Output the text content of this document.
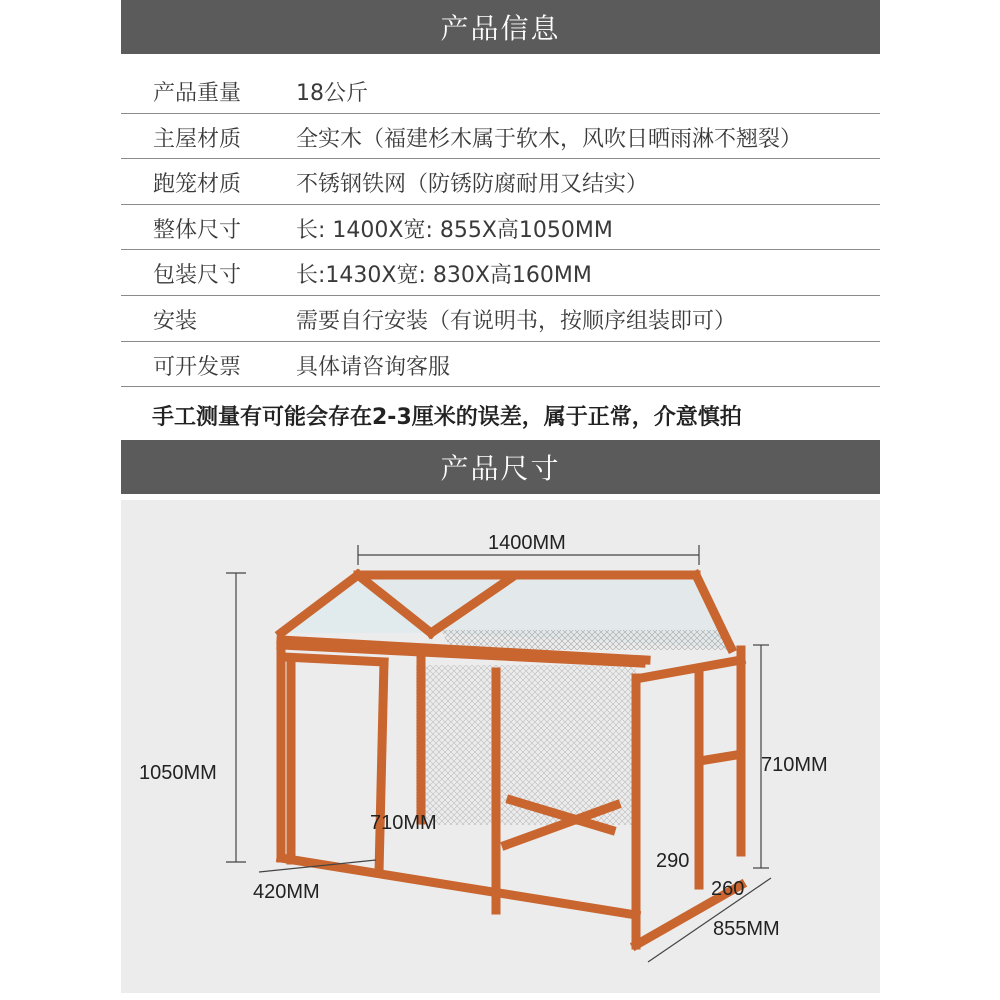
产品信息
产品重量 18公斤
主屋材质 全实木（福建杉木属于软木，风吹日晒雨淋不翘裂）
跑笼材质 不锈钢铁网（防锈防腐耐用又结实）
整体尺寸 长: 1400X宽: 855X高1050MM
包装尺寸 长:1430X宽: 830X高160MM
安装	需要自行安装（有说明书，按顺序组装即可）
可开发票 具体请咨询客服
手工测量有可能会存在2-3厘米的误差，属于正常，介意慎拍
产品尺寸
1400MM
1050MM	710MM
710MM
420MM
855MM
290
260
